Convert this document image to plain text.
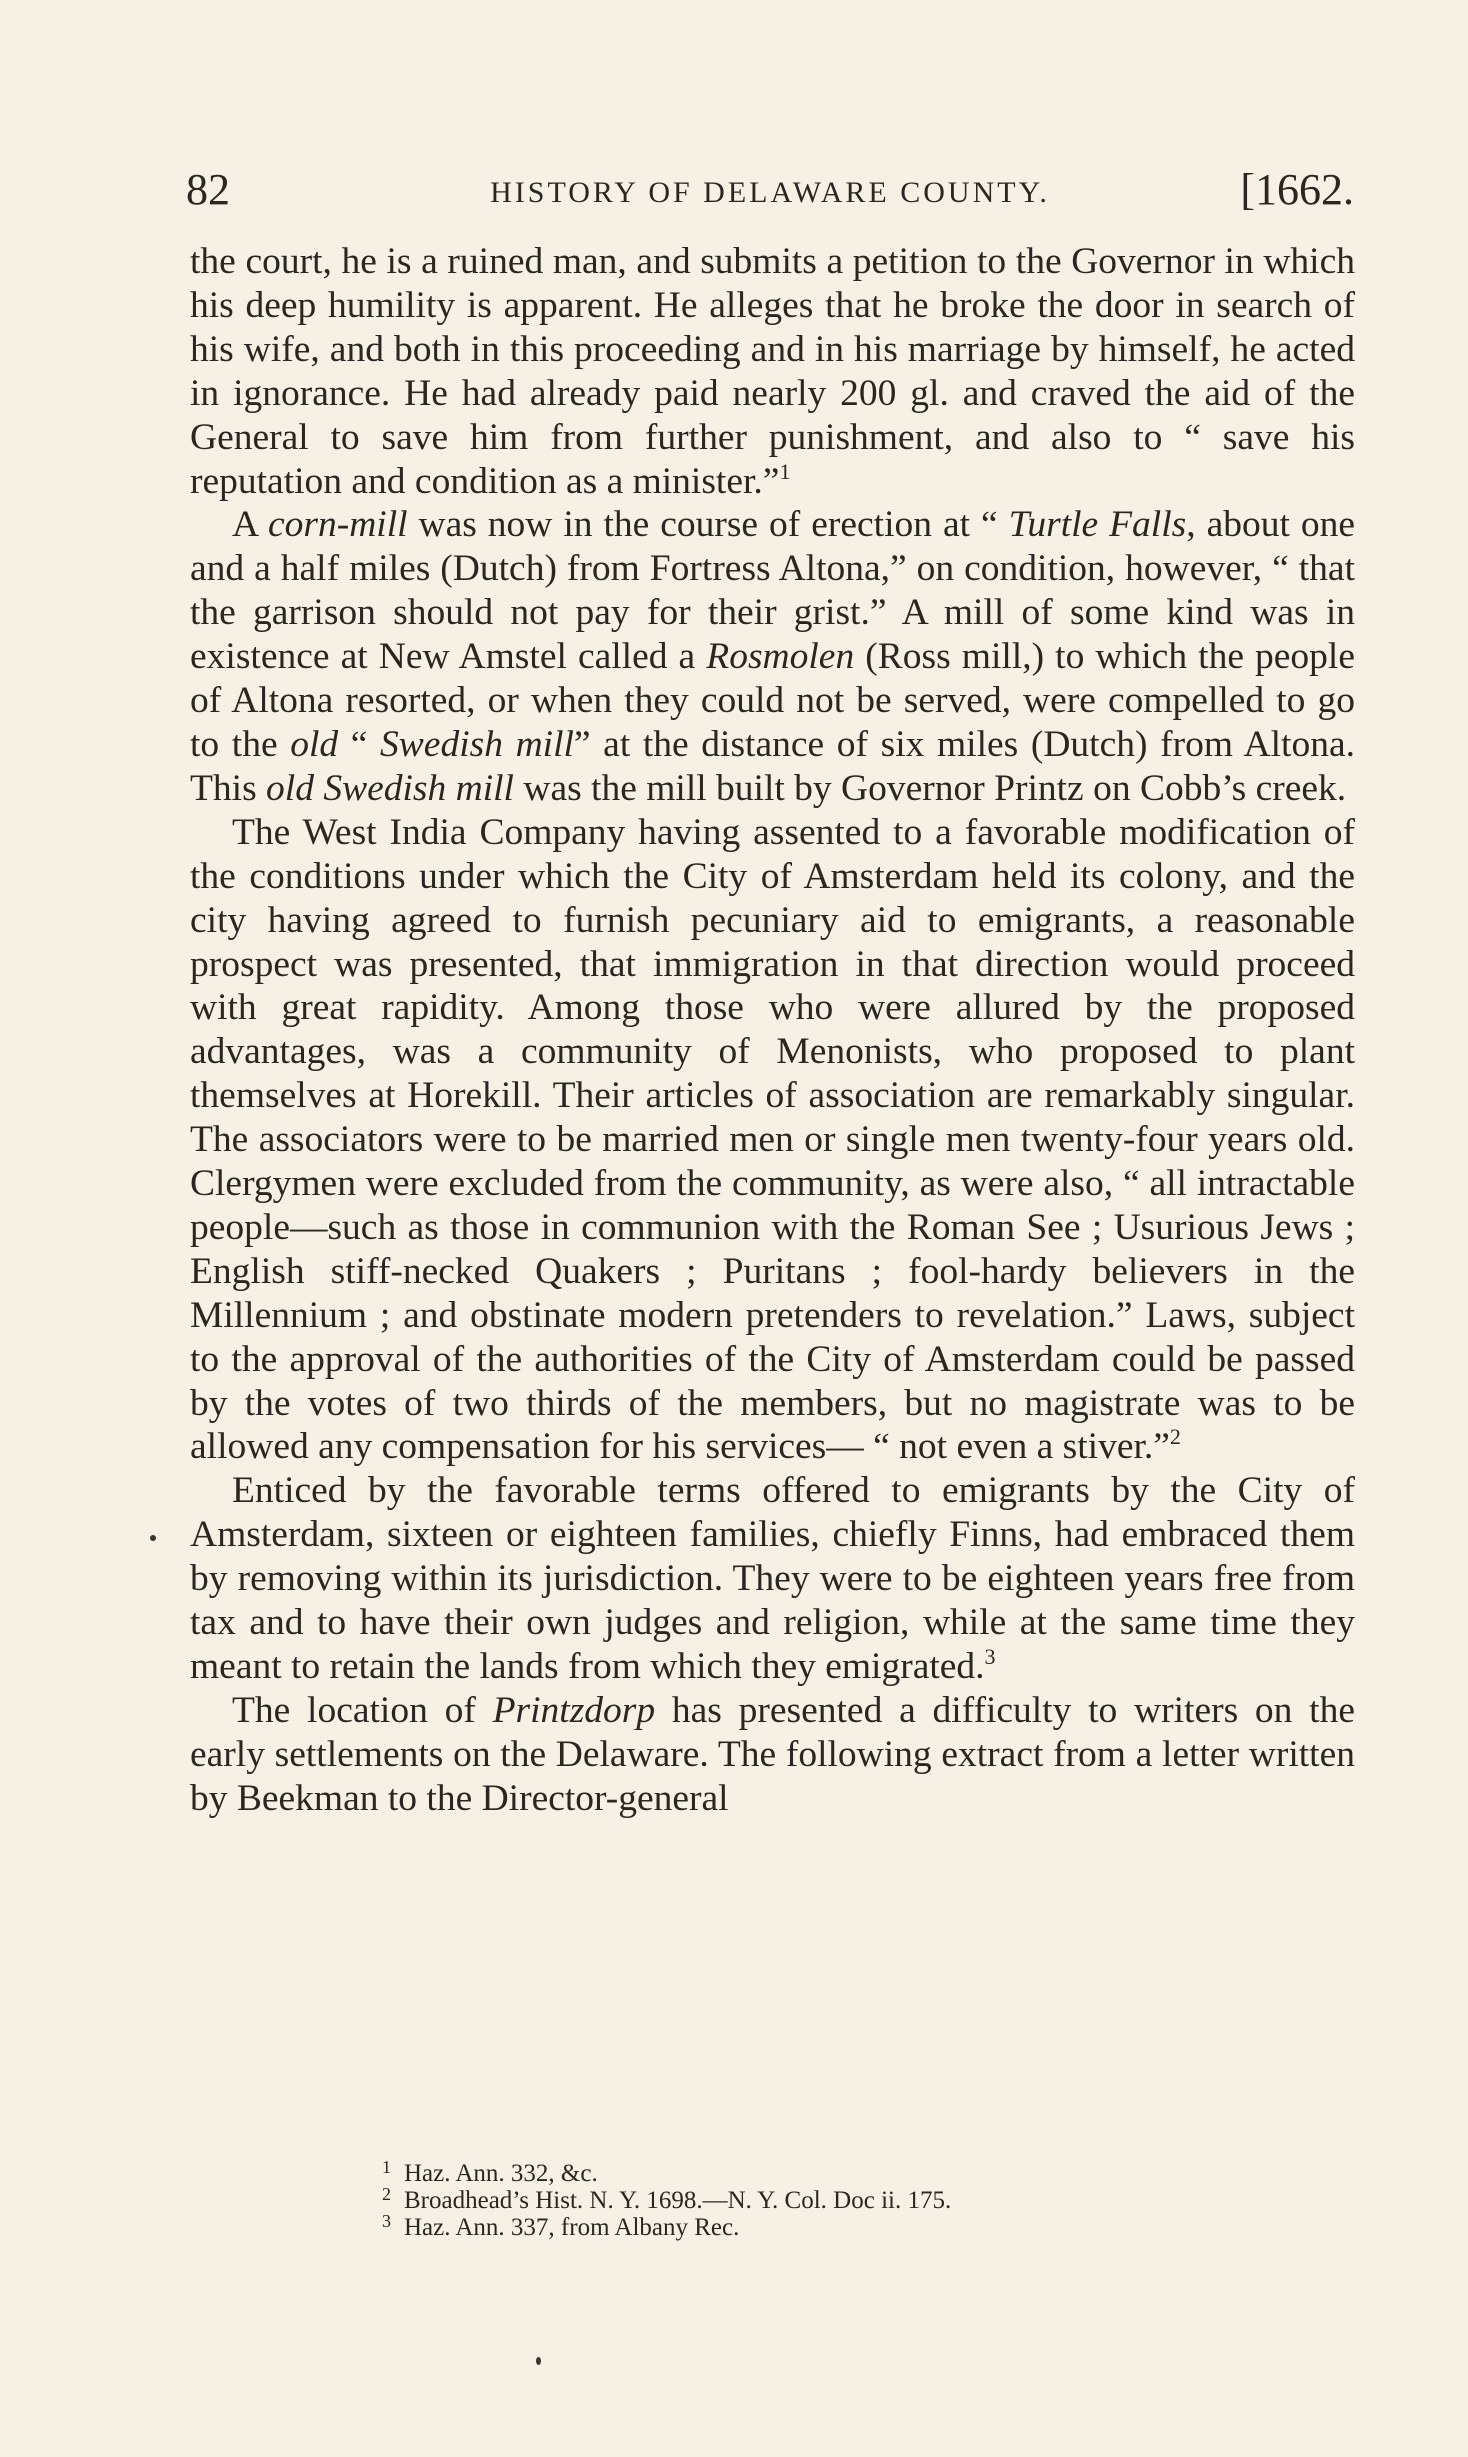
82	HISTORY OF DELAWARE COUNTY.	[1662.

the court, he is a ruined man, and submits a petition to the Governor in which his deep humility is apparent. He alleges that he broke the door in search of his wife, and both in this proceeding and in his marriage by himself, he acted in ignorance. He had already paid nearly 200 gl. and craved the aid of the General to save him from further punishment, and also to “ save his reputation and condition as a minister.”$^1$

A corn-mill was now in the course of erection at “ Turtle Falls, about one and a half miles (Dutch) from Fortress Altona,” on condition, however, “ that the garrison should not pay for their grist.” A mill of some kind was in existence at New Amstel called a Rosmolen (Ross mill,) to which the people of Altona resorted, or when they could not be served, were compelled to go to the old “ Swedish mill” at the distance of six miles (Dutch) from Altona. This old Swedish mill was the mill built by Governor Printz on Cobb’s creek.

The West India Company having assented to a favorable modification of the conditions under which the City of Amsterdam held its colony, and the city having agreed to furnish pecuniary aid to emigrants, a reasonable prospect was presented, that immigration in that direction would proceed with great rapidity. Among those who were allured by the proposed advantages, was a community of Menonists, who proposed to plant themselves at Horekill. Their articles of association are remarkably singular. The associators were to be married men or single men twenty-four years old. Clergymen were excluded from the community, as were also, “ all intractable people—such as those in communion with the Roman See ; Usurious Jews ; English stiff-necked Quakers ; Puritans ; fool-hardy believers in the Millennium ; and obstinate modern pretenders to revelation.” Laws, subject to the approval of the authorities of the City of Amsterdam could be passed by the votes of two thirds of the members, but no magistrate was to be allowed any compensation for his services— “ not even a stiver.”$^2$

Enticed by the favorable terms offered to emigrants by the City of Amsterdam, sixteen or eighteen families, chiefly Finns, had embraced them by removing within its jurisdiction. They were to be eighteen years free from tax and to have their own judges and religion, while at the same time they meant to retain the lands from which they emigrated.$^3$

The location of Printzdorp has presented a difficulty to writers on the early settlements on the Delaware. The following extract from a letter written by Beekman to the Director-general

1 Haz. Ann. 332, &c.
2 Broadhead’s Hist. N. Y. 1698.—N. Y. Col. Doc ii. 175.
3 Haz. Ann. 337, from Albany Rec.
